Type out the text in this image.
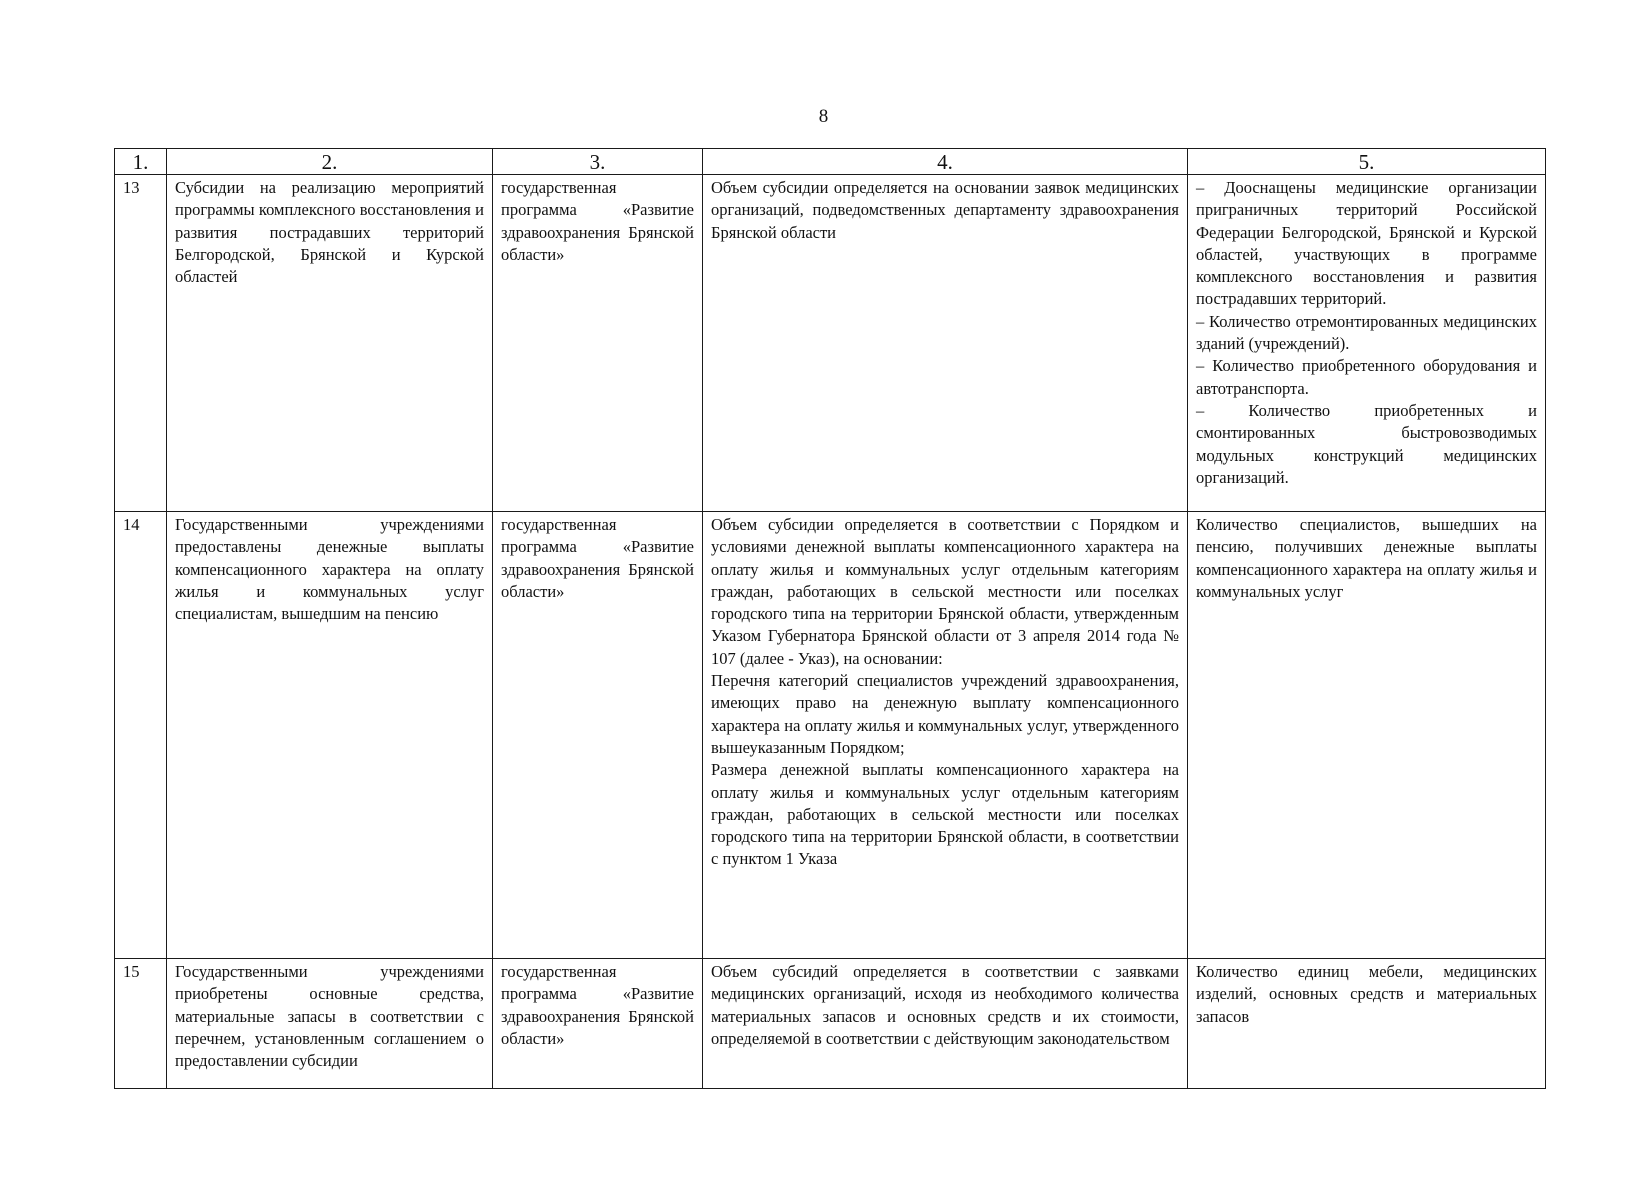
8
1.	2.	3.	4.	5.
13	Субсидии на реализацию мероприятий программы комплексного восстановления и развития пострадавших территорий Белгородской, Брянской и Курской областей	государственная программа «Развитие здравоохранения Брянской области»	Объем субсидии определяется на основании заявок медицинских организаций, подведомственных департаменту здравоохранения Брянской области	– Дооснащены медицинские организации приграничных территорий Российской Федерации Белгородской, Брянской и Курской областей, участвующих в программе комплексного восстановления и развития пострадавших территорий.
– Количество отремонтированных медицинских зданий (учреждений).
– Количество приобретенного оборудования и автотранспорта.
– Количество приобретенных и смонтированных быстровозводимых модульных конструкций медицинских организаций.

14	Государственными учреждениями предоставлены денежные выплаты компенсационного характера на оплату жилья и коммунальных услуг специалистам, вышедшим на пенсию	государственная программа «Развитие здравоохранения Брянской области»	Объем субсидии определяется в соответствии с Порядком и условиями денежной выплаты компенсационного характера на оплату жилья и коммунальных услуг отдельным категориям граждан, работающих в сельской местности или поселках городского типа на территории Брянской области, утвержденным Указом Губернатора Брянской области от 3 апреля 2014 года № 107 (далее - Указ), на основании:
Перечня категорий специалистов учреждений здравоохранения, имеющих право на денежную выплату компенсационного характера на оплату жилья и коммунальных услуг, утвержденного вышеуказанным Порядком;
Размера денежной выплаты компенсационного характера на оплату жилья и коммунальных услуг отдельным категориям граждан, работающих в сельской местности или поселках городского типа на территории Брянской области, в соответствии с пунктом 1 Указа	Количество специалистов, вышедших на пенсию, получивших денежные выплаты компенсационного характера на оплату жилья и коммунальных услуг

15	Государственными учреждениями приобретены основные средства, материальные запасы в соответствии с перечнем, установленным соглашением о предоставлении субсидии	государственная программа «Развитие здравоохранения Брянской области»	Объем субсидий определяется в соответствии с заявками медицинских организаций, исходя из необходимого количества материальных запасов и основных средств и их стоимости, определяемой в соответствии с действующим законодательством	Количество единиц мебели, медицинских изделий, основных средств и материальных запасов
